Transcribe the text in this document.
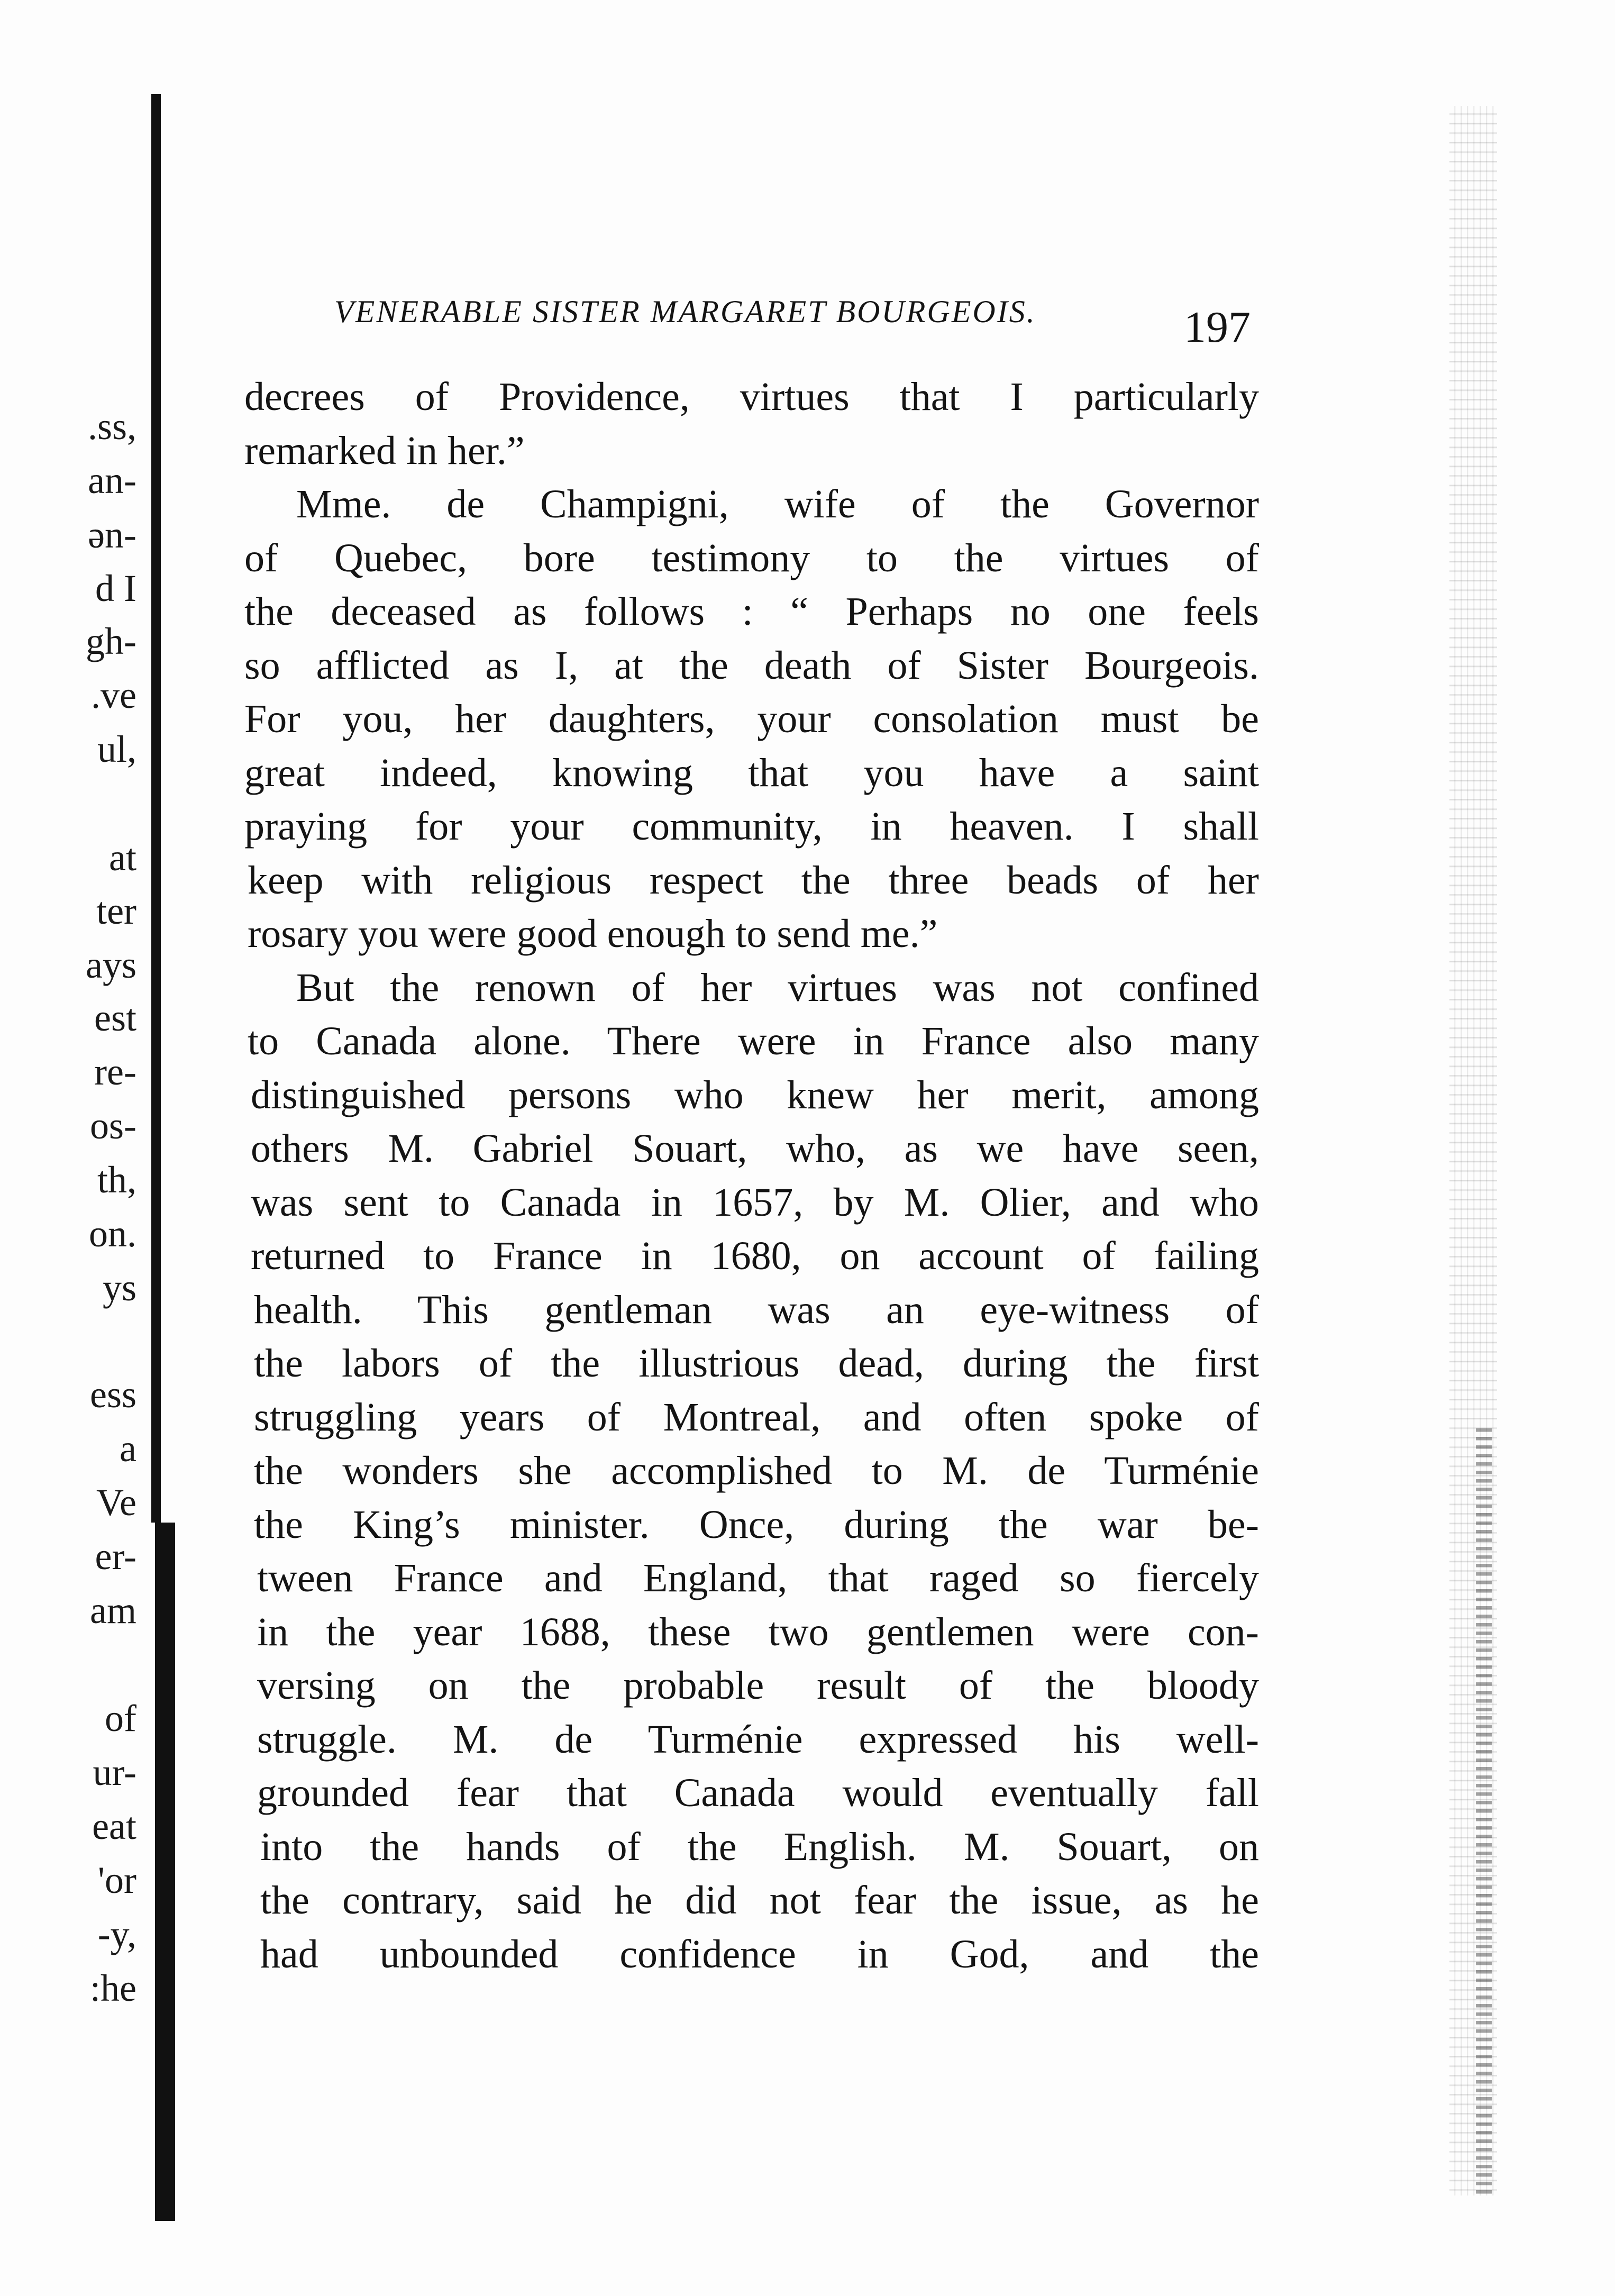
.ss,
an-
ən-
d I
gh-
.ve
ul,
at
ter
ays
est
re-
os-
th,
on.
ys
ess
a
Ve
er-
am
of
ur-
eat
'or
-y,
:he
VENERABLE SISTER MARGARET BOURGEOIS.	197
decrees of Providence, virtues that I particularly
remarked in her.”
Mme. de Champigni, wife of the Governor
of Quebec, bore testimony to the virtues of
the deceased as follows : “ Perhaps no one feels
so afflicted as I, at the death of Sister Bourgeois.
For you, her daughters, your consolation must be
great indeed, knowing that you have a saint
praying for your community, in heaven. I shall
keep with religious respect the three beads of her
rosary you were good enough to send me.”
But the renown of her virtues was not confined
to Canada alone. There were in France also many
distinguished persons who knew her merit, among
others M. Gabriel Souart, who, as we have seen,
was sent to Canada in 1657, by M. Olier, and who
returned to France in 1680, on account of failing
health. This gentleman was an eye-witness of
the labors of the illustrious dead, during the first
struggling years of Montreal, and often spoke of
the wonders she accomplished to M. de Turménie
the King’s minister. Once, during the war be-
tween France and England, that raged so fiercely
in the year 1688, these two gentlemen were con-
versing on the probable result of the bloody
struggle. M. de Turménie expressed his well-
grounded fear that Canada would eventually fall
into the hands of the English. M. Souart, on
the contrary, said he did not fear the issue, as he
had unbounded confidence in God, and the
